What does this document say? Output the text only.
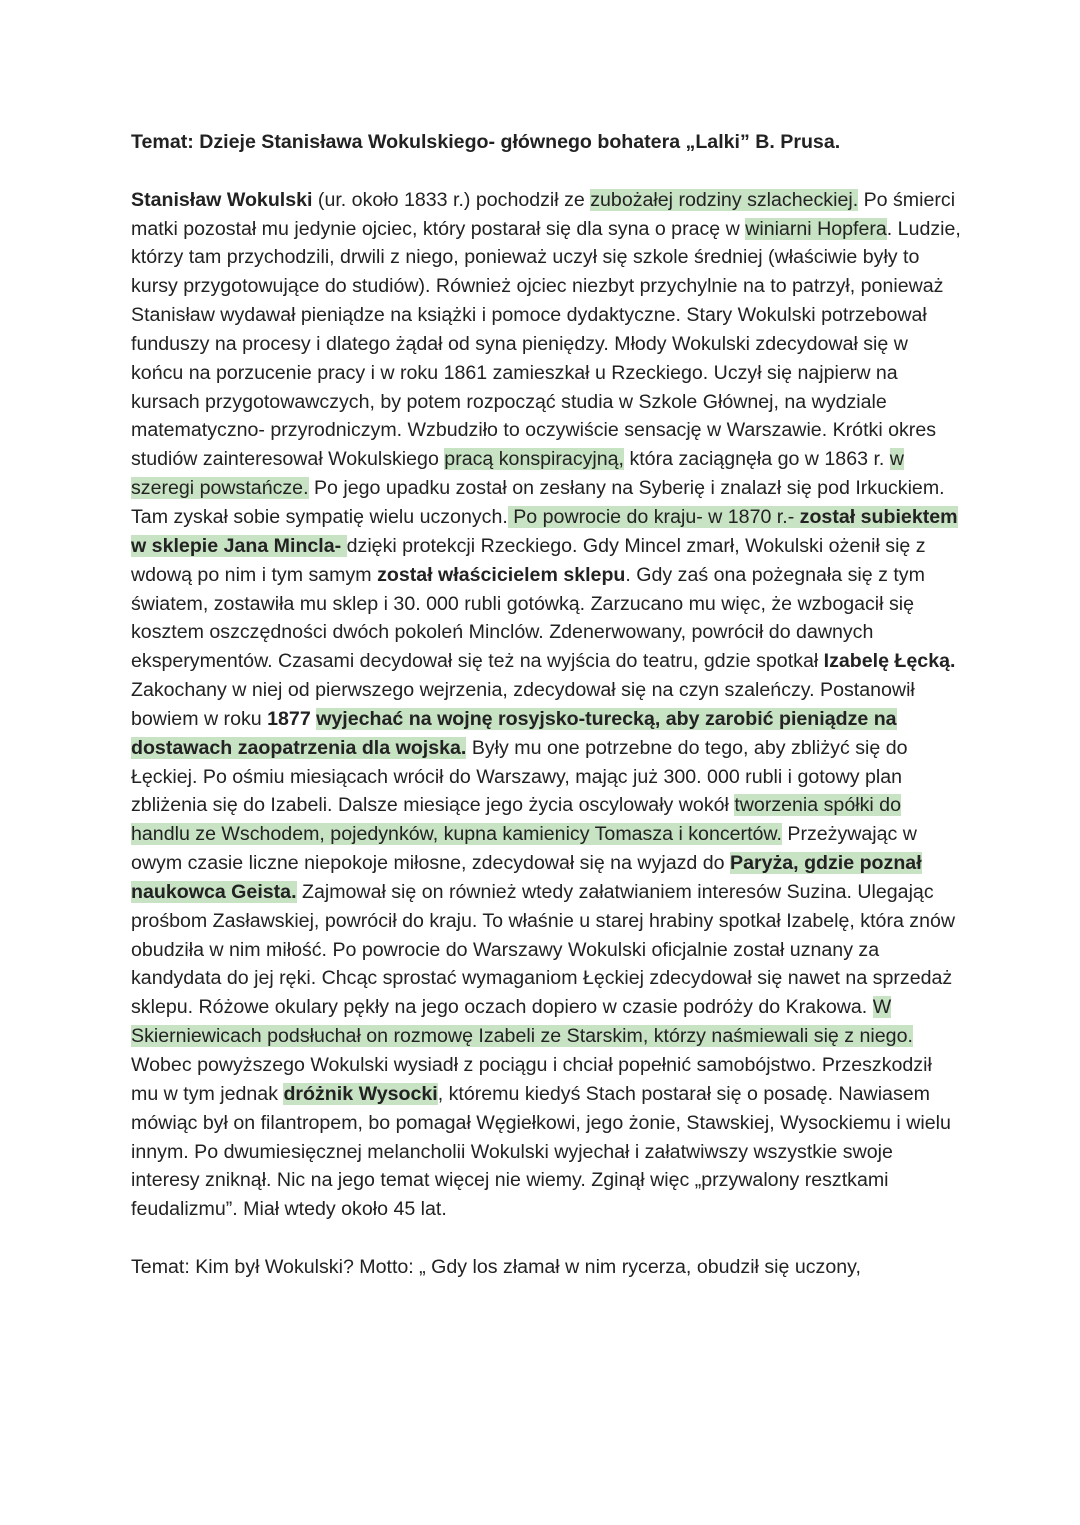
Temat: Dzieje Stanisława Wokulskiego- głównego bohatera „Lalki” B. Prusa.

Stanisław Wokulski (ur. około 1833 r.) pochodził ze zubożałej rodziny szlacheckiej. Po śmierci matki pozostał mu jedynie ojciec, który postarał się dla syna o pracę w winiarni Hopfera. Ludzie, którzy tam przychodzili, drwili z niego, ponieważ uczył się szkole średniej (właściwie były to kursy przygotowujące do studiów). Również ojciec niezbyt przychylnie na to patrzył, ponieważ Stanisław wydawał pieniądze na książki i pomoce dydaktyczne. Stary Wokulski potrzebował funduszy na procesy i dlatego żądał od syna pieniędzy. Młody Wokulski zdecydował się w końcu na porzucenie pracy i w roku 1861 zamieszkał u Rzeckiego. Uczył się najpierw na kursach przygotowawczych, by potem rozpocząć studia w Szkole Głównej, na wydziale matematyczno- przyrodniczym. Wzbudziło to oczywiście sensację w Warszawie. Krótki okres studiów zainteresował Wokulskiego pracą konspiracyjną, która zaciągnęła go w 1863 r. w szeregi powstańcze. Po jego upadku został on zesłany na Syberię i znalazł się pod Irkuckiem. Tam zyskał sobie sympatię wielu uczonych. Po powrocie do kraju- w 1870 r.- został subiektem w sklepie Jana Mincla- dzięki protekcji Rzeckiego. Gdy Mincel zmarł, Wokulski ożenił się z wdową po nim i tym samym został właścicielem sklepu. Gdy zaś ona pożegnała się z tym światem, zostawiła mu sklep i 30. 000 rubli gotówką. Zarzucano mu więc, że wzbogacił się kosztem oszczędności dwóch pokoleń Minclów. Zdenerwowany, powrócił do dawnych eksperymentów. Czasami decydował się też na wyjścia do teatru, gdzie spotkał Izabelę Łęcką. Zakochany w niej od pierwszego wejrzenia, zdecydował się na czyn szaleńczy. Postanowił bowiem w roku 1877 wyjechać na wojnę rosyjsko-turecką, aby zarobić pieniądze na dostawach zaopatrzenia dla wojska. Były mu one potrzebne do tego, aby zbliżyć się do Łęckiej. Po ośmiu miesiącach wrócił do Warszawy, mając już 300. 000 rubli i gotowy plan zbliżenia się do Izabeli. Dalsze miesiące jego życia oscylowały wokół tworzenia spółki do handlu ze Wschodem, pojedynków, kupna kamienicy Tomasza i koncertów. Przeżywając w owym czasie liczne niepokoje miłosne, zdecydował się na wyjazd do Paryża, gdzie poznał naukowca Geista. Zajmował się on również wtedy załatwianiem interesów Suzina. Ulegając prośbom Zasławskiej, powrócił do kraju. To właśnie u starej hrabiny spotkał Izabelę, która znów obudziła w nim miłość. Po powrocie do Warszawy Wokulski oficjalnie został uznany za kandydata do jej ręki. Chcąc sprostać wymaganiom Łęckiej zdecydował się nawet na sprzedaż sklepu. Różowe okulary pękły na jego oczach dopiero w czasie podróży do Krakowa. W Skierniewicach podsłuchał on rozmowę Izabeli ze Starskim, którzy naśmiewali się z niego. Wobec powyższego Wokulski wysiadł z pociągu i chciał popełnić samobójstwo. Przeszkodził mu w tym jednak dróżnik Wysocki, któremu kiedyś Stach postarał się o posadę. Nawiasem mówiąc był on filantropem, bo pomagał Węgiełkowi, jego żonie, Stawskiej, Wysockiemu i wielu innym. Po dwumiesięcznej melancholii Wokulski wyjechał i załatwiwszy wszystkie swoje interesy zniknął. Nic na jego temat więcej nie wiemy. Zginął więc „przywalony resztkami feudalizmu”. Miał wtedy około 45 lat.

Temat: Kim był Wokulski? Motto: „ Gdy los złamał w nim rycerza, obudził się uczony,
